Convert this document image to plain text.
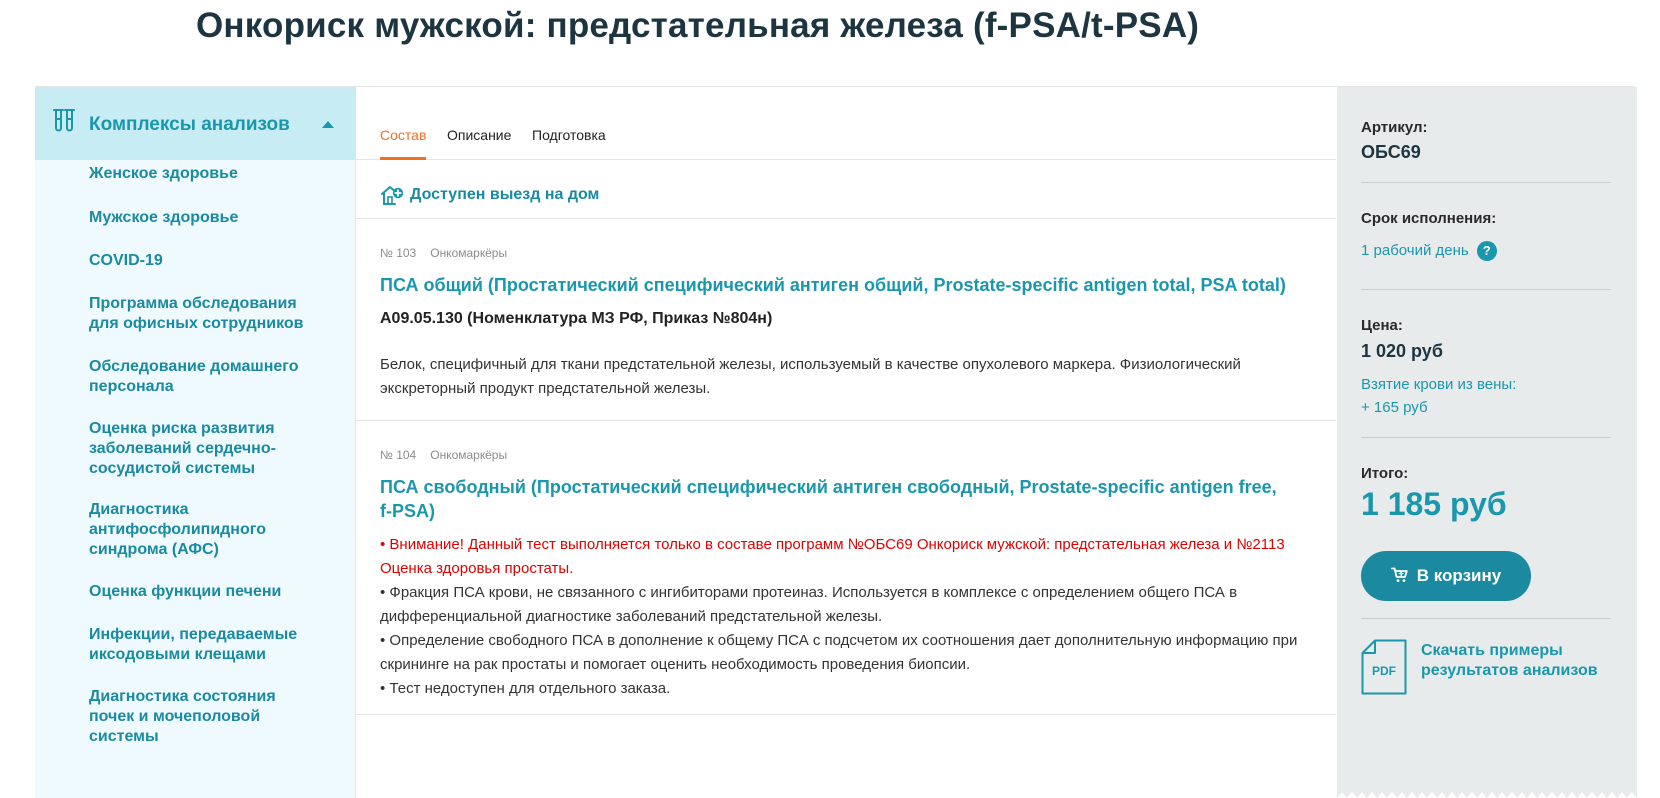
Онкориск мужской: предстательная железа (f-PSA/t-PSA)
Комплексы анализов
Женское здоровье
Мужское здоровье
COVID-19
Программа обследования для офисных сотрудников
Обследование домашнего персонала
Оценка риска развития заболеваний сердечно-сосудистой системы
Диагностика антифосфолипидного синдрома (АФС)
Оценка функции печени
Инфекции, передаваемые иксодовыми клещами
Диагностика состояния почек и мочеполовой системы
Состав Описание Подготовка
Доступен выезд на дом
№ 103 Онкомаркёры
ПСА общий (Простатический специфический антиген общий, Prostate-specific antigen total, PSA total)
A09.05.130 (Номенклатура МЗ РФ, Приказ №804н)
Белок, специфичный для ткани предстательной железы, используемый в качестве опухолевого маркера. Физиологический экскреторный продукт предстательной железы.
№ 104 Онкомаркёры
ПСА свободный (Простатический специфический антиген свободный, Prostate-specific antigen free, f-PSA)
• Внимание! Данный тест выполняется только в составе программ №ОБС69 Онкориск мужской: предстательная железа и №2113 Оценка здоровья простаты.
• Фракция ПСА крови, не связанного с ингибиторами протеиназ. Используется в комплексе с определением общего ПСА в дифференциальной диагностике заболеваний предстательной железы.
• Определение свободного ПСА в дополнение к общему ПСА с подсчетом их соотношения дает дополнительную информацию при скрининге на рак простаты и помогает оценить необходимость проведения биопсии.
• Тест недоступен для отдельного заказа.
Артикул:
ОБС69
Срок исполнения:
1 рабочий день ?
Цена:
1 020 руб
Взятие крови из вены:
+ 165 руб
Итого:
1 185 руб
В корзину
PDF
Скачать примеры результатов анализов
